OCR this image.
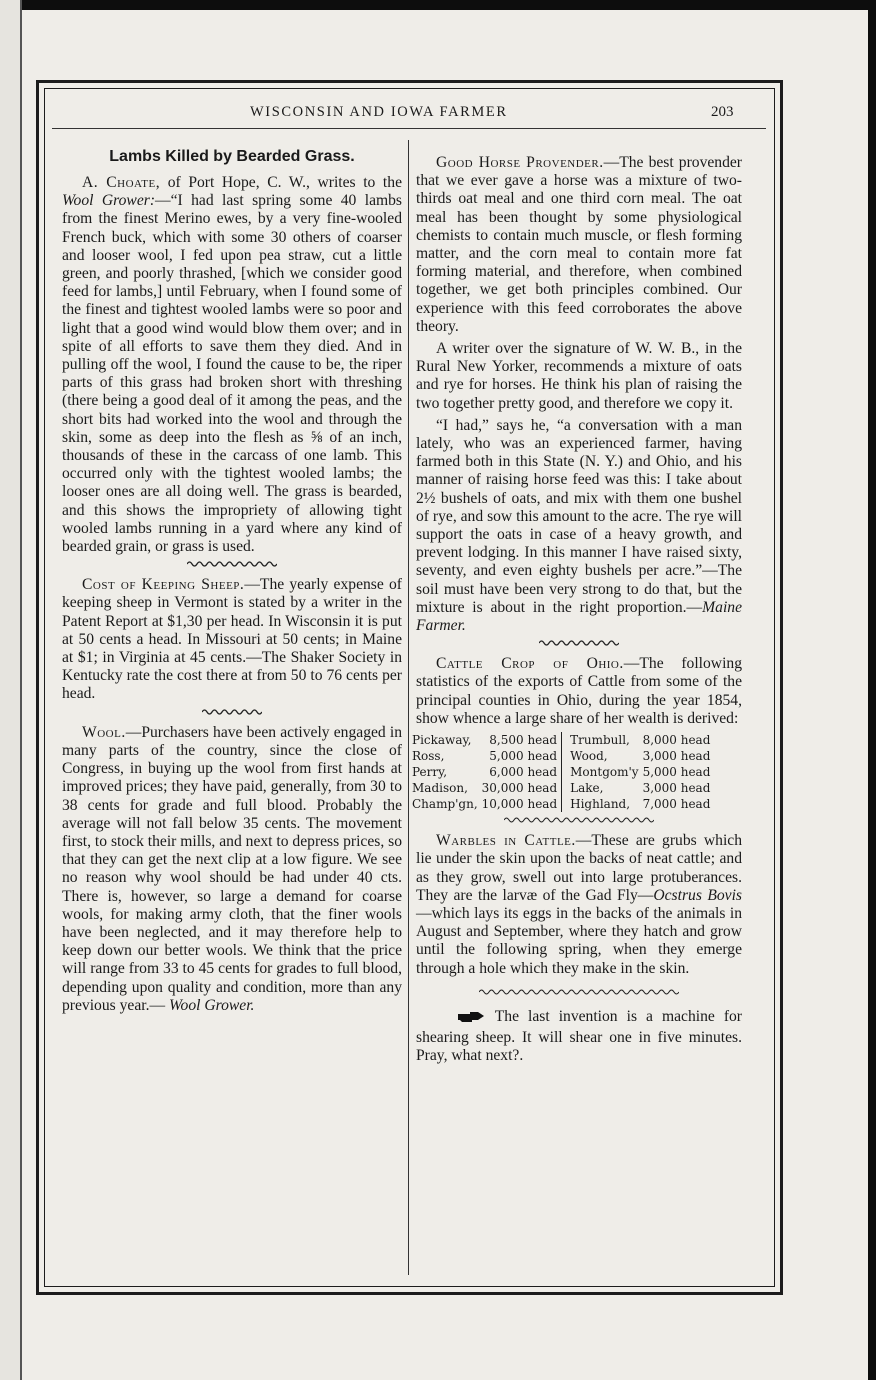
WISCONSIN AND IOWA FARMER	203
Lambs Killed by Bearded Grass.

A. Choate, of Port Hope, C. W., writes to the Wool Grower:—“I had last spring some 40 lambs from the finest Merino ewes, by a very fine-wooled French buck, which with some 30 others of coarser and looser wool, I fed upon pea straw, cut a little green, and poorly thrashed, [which we consider good feed for lambs,] until February, when I found some of the finest and tightest wooled lambs were so poor and light that a good wind would blow them over; and in spite of all efforts to save them they died. And in pulling off the wool, I found the cause to be, the riper parts of this grass had broken short with threshing (there being a good deal of it among the peas, and the short bits had worked into the wool and through the skin, some as deep into the flesh as ⅝ of an inch, thousands of these in the carcass of one lamb. This occurred only with the tightest wooled lambs; the looser ones are all doing well. The grass is bearded, and this shows the impropriety of allowing tight wooled lambs running in a yard where any kind of bearded grain, or grass is used.

Cost of Keeping Sheep.—The yearly expense of keeping sheep in Vermont is stated by a writer in the Patent Report at $1,30 per head. In Wisconsin it is put at 50 cents a head. In Missouri at 50 cents; in Maine at $1; in Virginia at 45 cents.—The Shaker Society in Kentucky rate the cost there at from 50 to 76 cents per head.

Wool.—Purchasers have been actively engaged in many parts of the country, since the close of Congress, in buying up the wool from first hands at improved prices; they have paid, generally, from 30 to 38 cents for grade and full blood. Probably the average will not fall below 35 cents. The movement first, to stock their mills, and next to depress prices, so that they can get the next clip at a low figure. We see no reason why wool should be had under 40 cts. There is, however, so large a demand for coarse wools, for making army cloth, that the finer wools have been neglected, and it may therefore help to keep down our better wools. We think that the price will range from 33 to 45 cents for grades to full blood, depending upon quality and condition, more than any previous year.— Wool Grower.

Good Horse Provender.—The best provender that we ever gave a horse was a mixture of two-thirds oat meal and one third corn meal. The oat meal has been thought by some physiological chemists to contain much muscle, or flesh forming matter, and the corn meal to contain more fat forming material, and therefore, when combined together, we get both principles combined. Our experience with this feed corroborates the above theory.

A writer over the signature of W. W. B., in the Rural New Yorker, recommends a mixture of oats and rye for horses. He think his plan of raising the two together pretty good, and therefore we copy it.

“I had,” says he, “a conversation with a man lately, who was an experienced farmer, having farmed both in this State (N. Y.) and Ohio, and his manner of raising horse feed was this: I take about 2½ bushels of oats, and mix with them one bushel of rye, and sow this amount to the acre. The rye will support the oats in case of a heavy growth, and prevent lodging. In this manner I have raised sixty, seventy, and even eighty bushels per acre.”—The soil must have been very strong to do that, but the mixture is about in the right proportion.—Maine Farmer.

Cattle Crop of Ohio.—The following statistics of the exports of Cattle from some of the principal counties in Ohio, during the year 1854, show whence a large share of her wealth is derived:

Pickaway,	8,500 head	Trumbull,	8,000 head
Ross,	5,000 head	Wood,	3,000 head
Perry,	6,000 head	Montgom'y	5,000 head
Madison,	30,000 head	Lake,	3,000 head
Champ'gn,	10,000 head	Highland,	7,000 head

Warbles in Cattle.—These are grubs which lie under the skin upon the backs of neat cattle; and as they grow, swell out into large protuberances. They are the larvæ of the Gad Fly—Ocstrus Bovis—which lays its eggs in the backs of the animals in August and September, where they hatch and grow until the following spring, when they emerge through a hole which they make in the skin.

The last invention is a machine for shearing sheep. It will shear one in five minutes. Pray, what next?.
